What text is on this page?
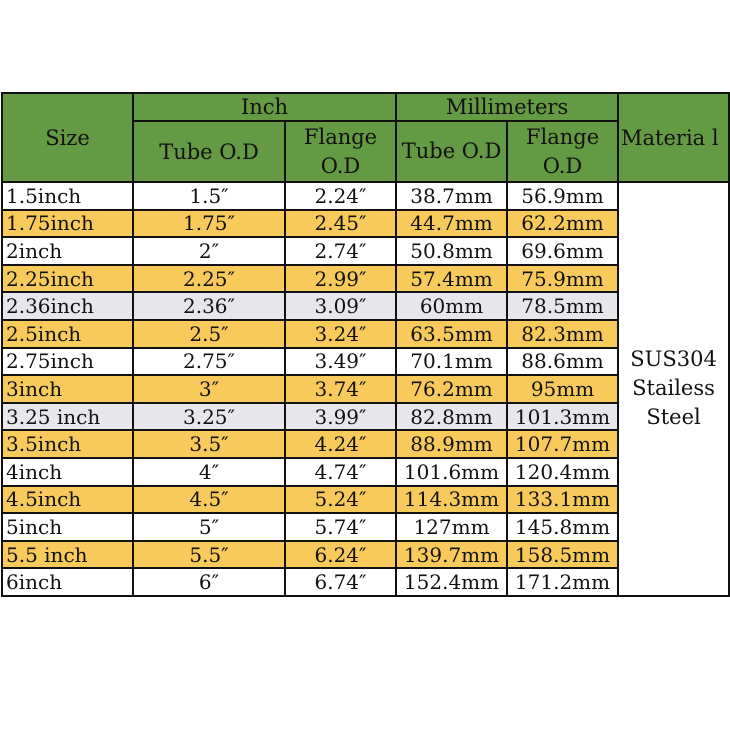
Size	Inch		Millimeters		Materia l
	Tube O.D	Flange O.D	Tube O.D	Flange O.D	
1.5inch	1.5″	2.24″	38.7mm	56.9mm	SUS304 Stailess Steel
1.75inch	1.75″	2.45″	44.7mm	62.2mm	
2inch	2″	2.74″	50.8mm	69.6mm	
2.25inch	2.25″	2.99″	57.4mm	75.9mm	
2.36inch	2.36″	3.09″	60mm	78.5mm	
2.5inch	2.5″	3.24″	63.5mm	82.3mm	
2.75inch	2.75″	3.49″	70.1mm	88.6mm	
3inch	3″	3.74″	76.2mm	95mm	
3.25 inch	3.25″	3.99″	82.8mm	101.3mm	
3.5inch	3.5″	4.24″	88.9mm	107.7mm	
4inch	4″	4.74″	101.6mm	120.4mm	
4.5inch	4.5″	5.24″	114.3mm	133.1mm	
5inch	5″	5.74″	127mm	145.8mm	
5.5 inch	5.5″	6.24″	139.7mm	158.5mm	
6inch	6″	6.74″	152.4mm	171.2mm	
